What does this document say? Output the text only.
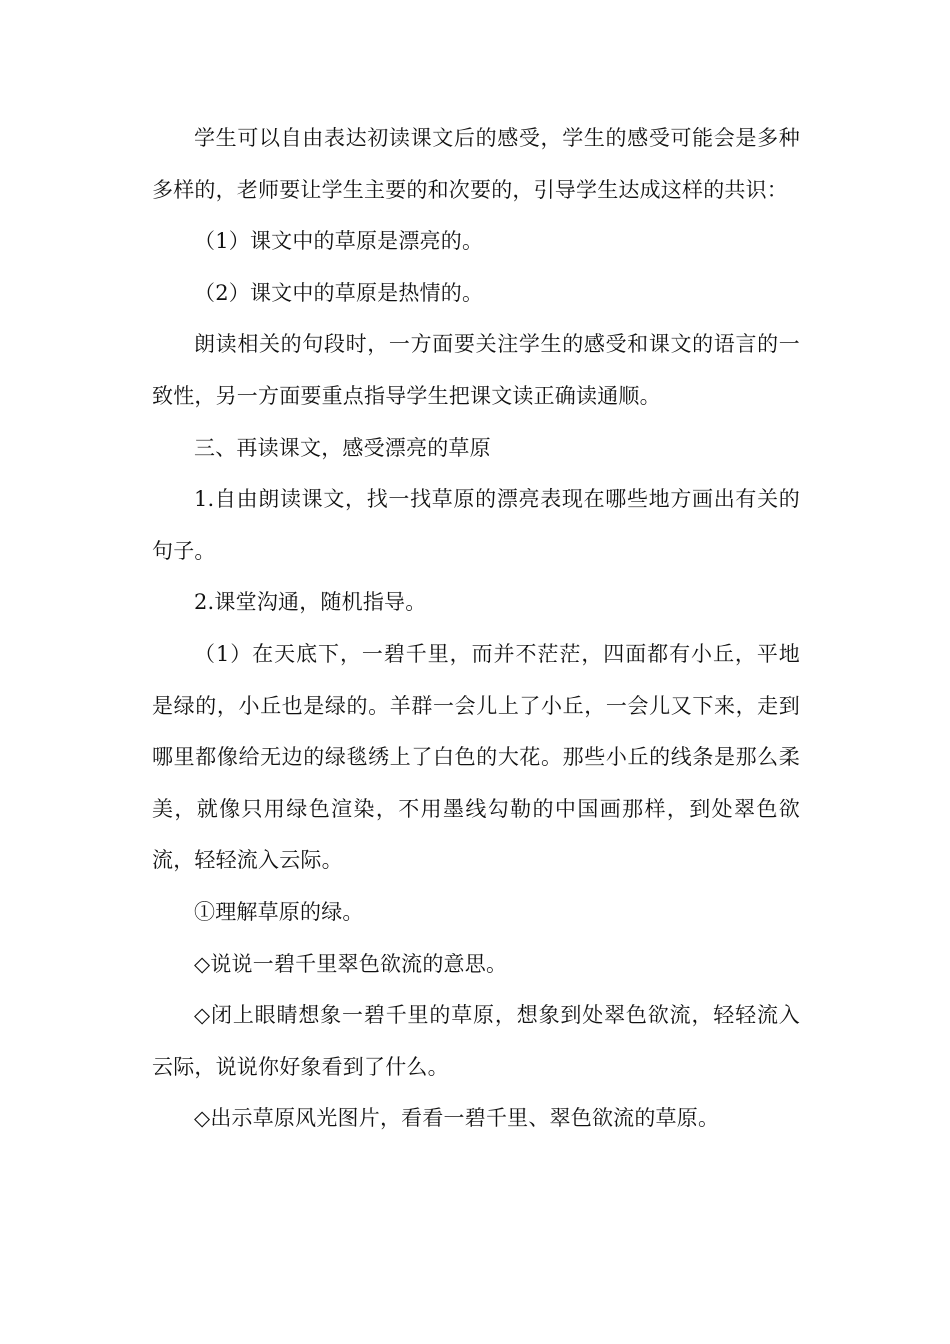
学生可以自由表达初读课文后的感受，学生的感受可能会是多种多样的，老师要让学生主要的和次要的，引导学生达成这样的共识：

（1）课文中的草原是漂亮的。

（2）课文中的草原是热情的。

朗读相关的句段时，一方面要关注学生的感受和课文的语言的一致性，另一方面要重点指导学生把课文读正确读通顺。

三、再读课文，感受漂亮的草原

1.自由朗读课文，找一找草原的漂亮表现在哪些地方画出有关的句子。

2.课堂沟通，随机指导。

（1）在天底下，一碧千里，而并不茫茫，四面都有小丘，平地是绿的，小丘也是绿的。羊群一会儿上了小丘，一会儿又下来，走到哪里都像给无边的绿毯绣上了白色的大花。那些小丘的线条是那么柔美，就像只用绿色渲染，不用墨线勾勒的中国画那样，到处翠色欲流，轻轻流入云际。

①理解草原的绿。

◇说说一碧千里翠色欲流的意思。

◇闭上眼睛想象一碧千里的草原，想象到处翠色欲流，轻轻流入云际，说说你好象看到了什么。

◇出示草原风光图片，看看一碧千里、翠色欲流的草原。
